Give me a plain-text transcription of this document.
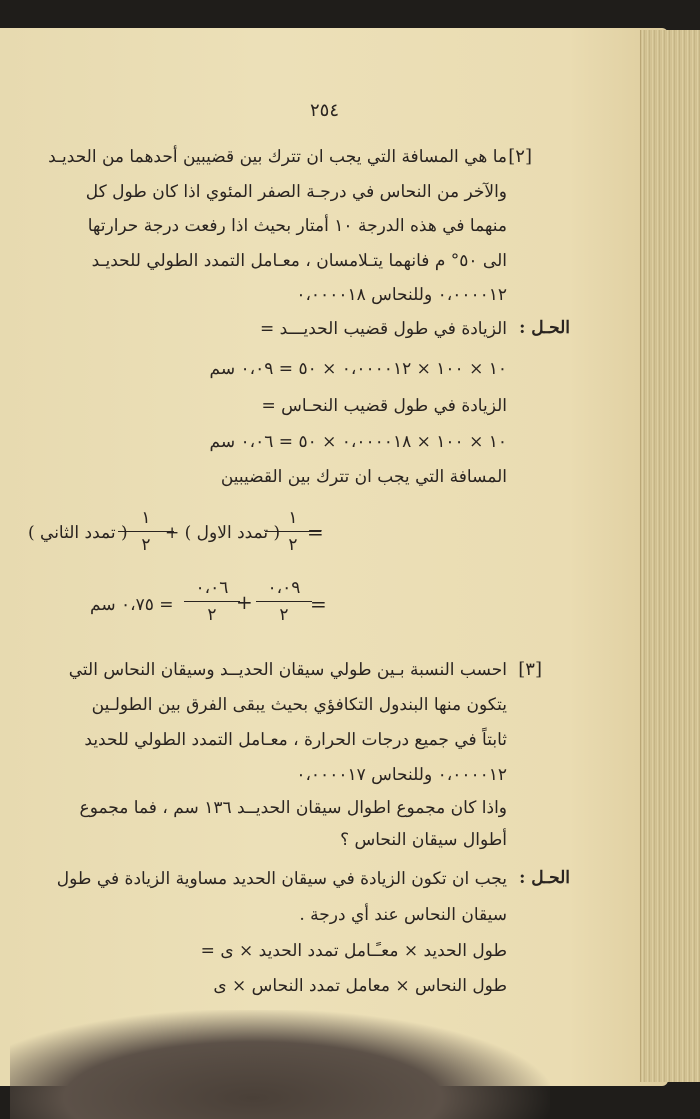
٢٥٤
[٢]
ما هي المسافة التي يجب ان تترك بين قضيبين أحدهما من الحديـد
والآخر من النحاس في درجـة الصفر المئوي اذا كان طول كل
منهما في هذه الدرجة ١٠ أمتار بحيث اذا رفعت درجة حرارتها
الى ٥٠° م فانهما يتـلامسان ، معـامل التمدد الطولي للحديـد
٠،٠٠٠٠١٢ وللنحاس ٠،٠٠٠٠١٨
الحـل :
الزيادة في طول قضيب الحديـــد =
١٠ × ١٠٠ × ٠،٠٠٠٠١٢ × ٥٠ = ٠،٠٩ سم
الزيادة في طول قضيب النحـاس =
١٠ × ١٠٠ × ٠،٠٠٠٠١٨ × ٥٠ = ٠،٠٦ سم
المسافة التي يجب ان تترك بين القضيبين
=
١
٢
( تمدد الاول ) +
١
٢
( تمدد الثاني )
=
٠،٠٩
٢
+
٠،٠٦
٢
= ٠،٧٥ سم
[٣]
احسب النسبة بـين طولي سيقان الحديــد وسيقان النحاس التي
يتكون منها البندول التكافؤي بحيث يبقى الفرق بين الطولـين
ثابتاً في جميع درجات الحرارة ، معـامل التمدد الطولي للحديد
٠،٠٠٠٠١٢ وللنحاس ٠،٠٠٠٠١٧
واذا كان مجموع اطوال سيقان الحديــد ١٣٦ سم ، فما مجموع
أطوال سيقان النحاس ؟
الحـل :
يجب ان تكون الزيادة في سيقان الحديد مساوية الزيادة في طول
سيقان النحاس عند أي درجة .
طول الحديد × معـًـامل تمدد الحديد × ى =
طول النحاس × معامل تمدد النحاس × ى
